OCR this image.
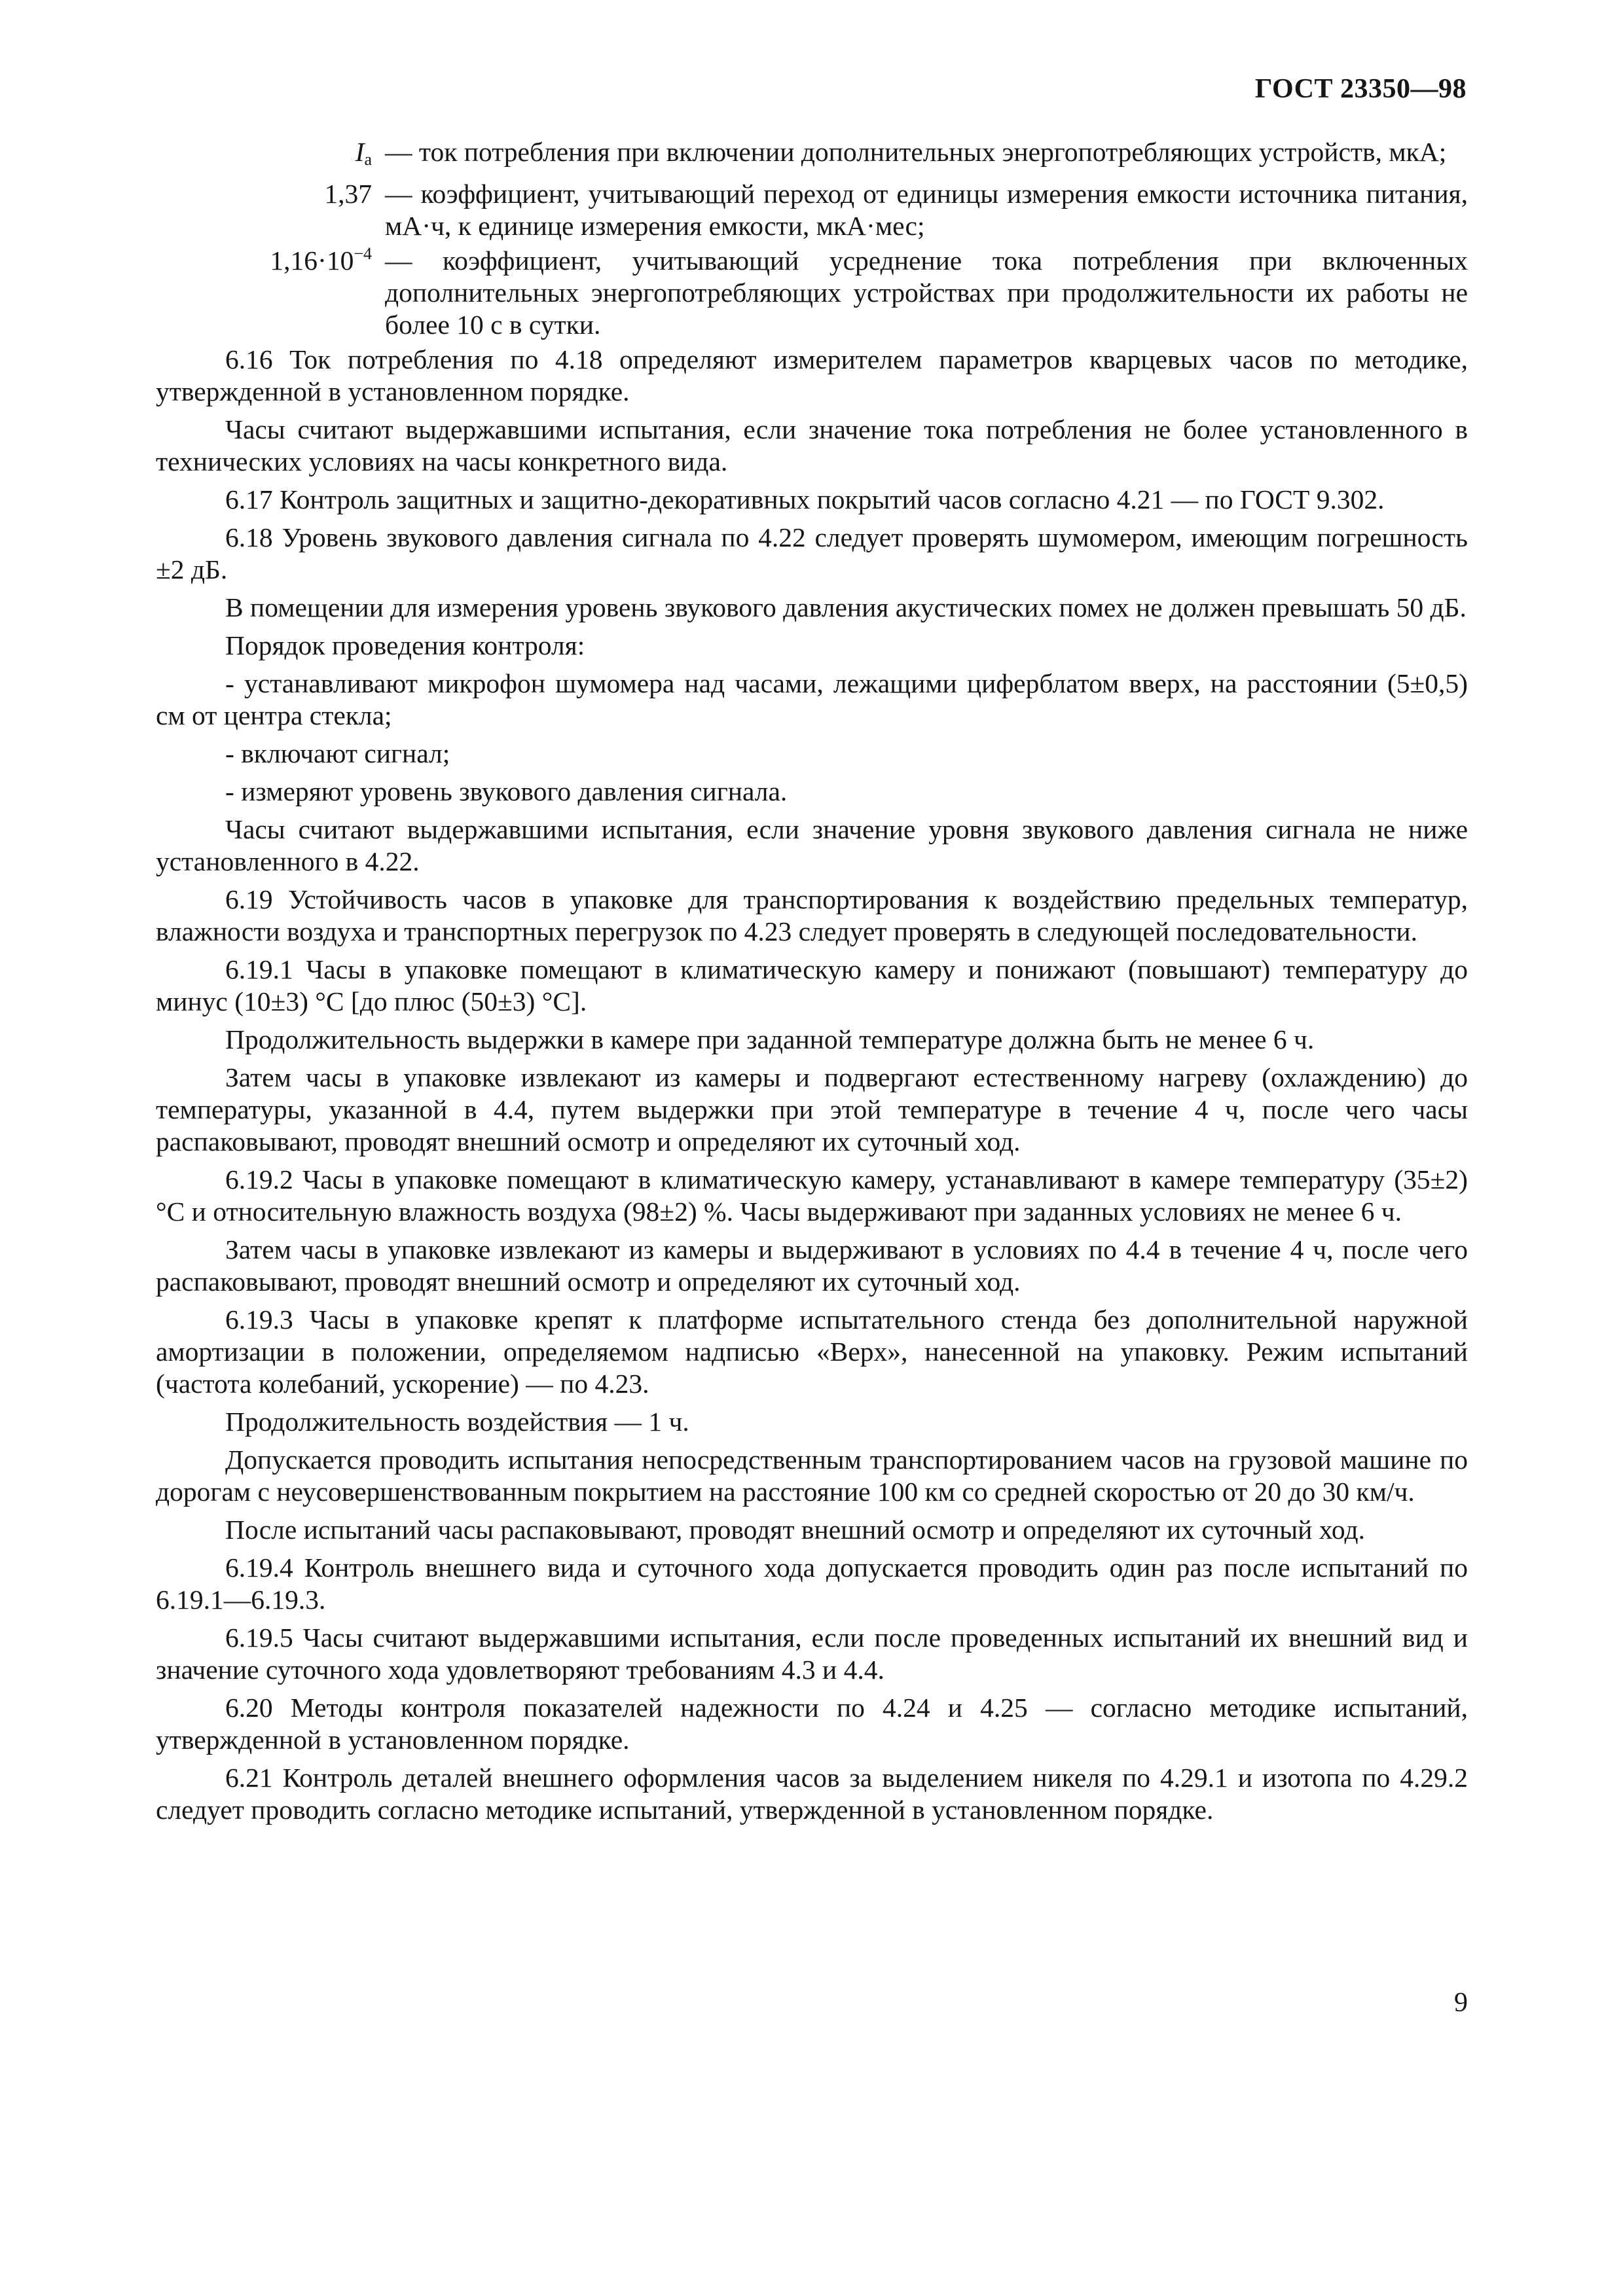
ГОСТ 23350—98
$I_а$ — ток потребления при включении дополнительных энергопотребляющих устройств, мкА;
1,37 — коэффициент, учитывающий переход от единицы измерения емкости источника питания, мА·ч, к единице измерения емкости, мкА·мес;
$1,16\cdot 10^{-4}$ — коэффициент, учитывающий усреднение тока потребления при включенных дополнительных энергопотребляющих устройствах при продолжительности их работы не более 10 с в сутки.

6.16 Ток потребления по 4.18 определяют измерителем параметров кварцевых часов по методике, утвержденной в установленном порядке.

Часы считают выдержавшими испытания, если значение тока потребления не более установленного в технических условиях на часы конкретного вида.

6.17 Контроль защитных и защитно-декоративных покрытий часов согласно 4.21 — по ГОСТ 9.302.

6.18 Уровень звукового давления сигнала по 4.22 следует проверять шумомером, имеющим погрешность ±2 дБ.

В помещении для измерения уровень звукового давления акустических помех не должен превышать 50 дБ.

Порядок проведения контроля:

- устанавливают микрофон шумомера над часами, лежащими циферблатом вверх, на расстоянии (5±0,5) см от центра стекла;

- включают сигнал;

- измеряют уровень звукового давления сигнала.

Часы считают выдержавшими испытания, если значение уровня звукового давления сигнала не ниже установленного в 4.22.

6.19 Устойчивость часов в упаковке для транспортирования к воздействию предельных температур, влажности воздуха и транспортных перегрузок по 4.23 следует проверять в следующей последовательности.

6.19.1 Часы в упаковке помещают в климатическую камеру и понижают (повышают) температуру до минус (10±3) °С [до плюс (50±3) °С].

Продолжительность выдержки в камере при заданной температуре должна быть не менее 6 ч.

Затем часы в упаковке извлекают из камеры и подвергают естественному нагреву (охлаждению) до температуры, указанной в 4.4, путем выдержки при этой температуре в течение 4 ч, после чего часы распаковывают, проводят внешний осмотр и определяют их суточный ход.

6.19.2 Часы в упаковке помещают в климатическую камеру, устанавливают в камере температуру (35±2) °С и относительную влажность воздуха (98±2) %. Часы выдерживают при заданных условиях не менее 6 ч.

Затем часы в упаковке извлекают из камеры и выдерживают в условиях по 4.4 в течение 4 ч, после чего распаковывают, проводят внешний осмотр и определяют их суточный ход.

6.19.3 Часы в упаковке крепят к платформе испытательного стенда без дополнительной наружной амортизации в положении, определяемом надписью «Верх», нанесенной на упаковку. Режим испытаний (частота колебаний, ускорение) — по 4.23.

Продолжительность воздействия — 1 ч.

Допускается проводить испытания непосредственным транспортированием часов на грузовой машине по дорогам с неусовершенствованным покрытием на расстояние 100 км со средней скоростью от 20 до 30 км/ч.

После испытаний часы распаковывают, проводят внешний осмотр и определяют их суточный ход.

6.19.4 Контроль внешнего вида и суточного хода допускается проводить один раз после испытаний по 6.19.1—6.19.3.

6.19.5 Часы считают выдержавшими испытания, если после проведенных испытаний их внешний вид и значение суточного хода удовлетворяют требованиям 4.3 и 4.4.

6.20 Методы контроля показателей надежности по 4.24 и 4.25 — согласно методике испытаний, утвержденной в установленном порядке.

6.21 Контроль деталей внешнего оформления часов за выделением никеля по 4.29.1 и изотопа по 4.29.2 следует проводить согласно методике испытаний, утвержденной в установленном порядке.

9
